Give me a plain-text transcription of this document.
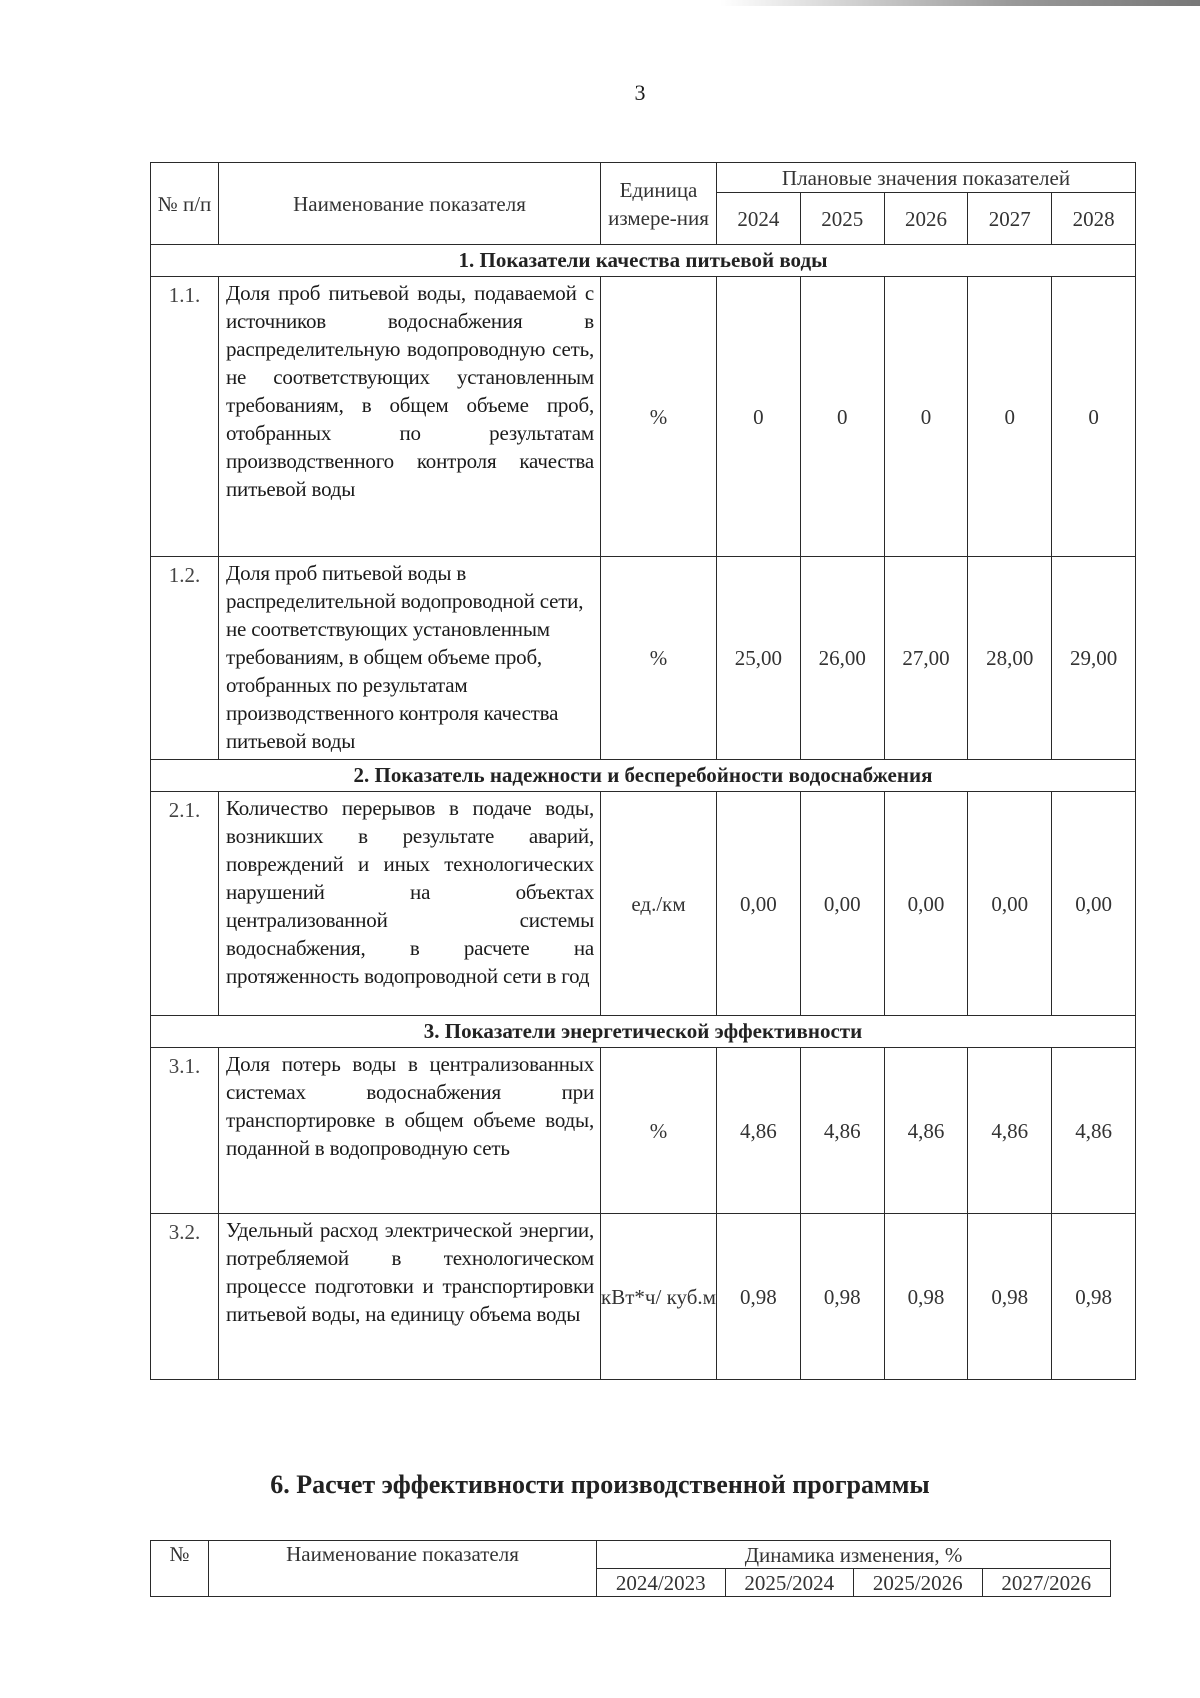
3
№ п/п	Наименование показателя	Единица измере-ния	Плановые значения показателей				
			2024	2025	2026	2027	2028
1. Показатели качества питьевой воды							
1.1.	Доля проб питьевой воды, подаваемой с источников водоснабжения в распределительную водопроводную сеть, не соответствующих установленным требованиям, в общем объеме проб, отобранных по результатам производственного контроля качества питьевой воды	%	0	0	0	0	0
1.2.	Доля проб питьевой воды в распределительной водопроводной сети, не соответствующих установленным требованиям, в общем объеме проб, отобранных по результатам производственного контроля качества питьевой воды	%	25,00	26,00	27,00	28,00	29,00
2. Показатель надежности и бесперебойности водоснабжения							
2.1.	Количество перерывов в подаче воды, возникших в результате аварий, повреждений и иных технологических нарушений на объектах централизованной системы водоснабжения, в расчете на протяженность водопроводной сети в год	ед./км	0,00	0,00	0,00	0,00	0,00
3. Показатели энергетической эффективности							
3.1.	Доля потерь воды в централизованных системах водоснабжения при транспортировке в общем объеме воды, поданной в водопроводную сеть	%	4,86	4,86	4,86	4,86	4,86
3.2.	Удельный расход электрической энергии, потребляемой в технологическом процессе подготовки и транспортировки питьевой воды, на единицу объема воды	кВт*ч/ куб.м	0,98	0,98	0,98	0,98	0,98
6. Расчет эффективности производственной программы
№	Наименование показателя	Динамика изменения, %			
		2024/2023	2025/2024	2025/2026	2027/2026
